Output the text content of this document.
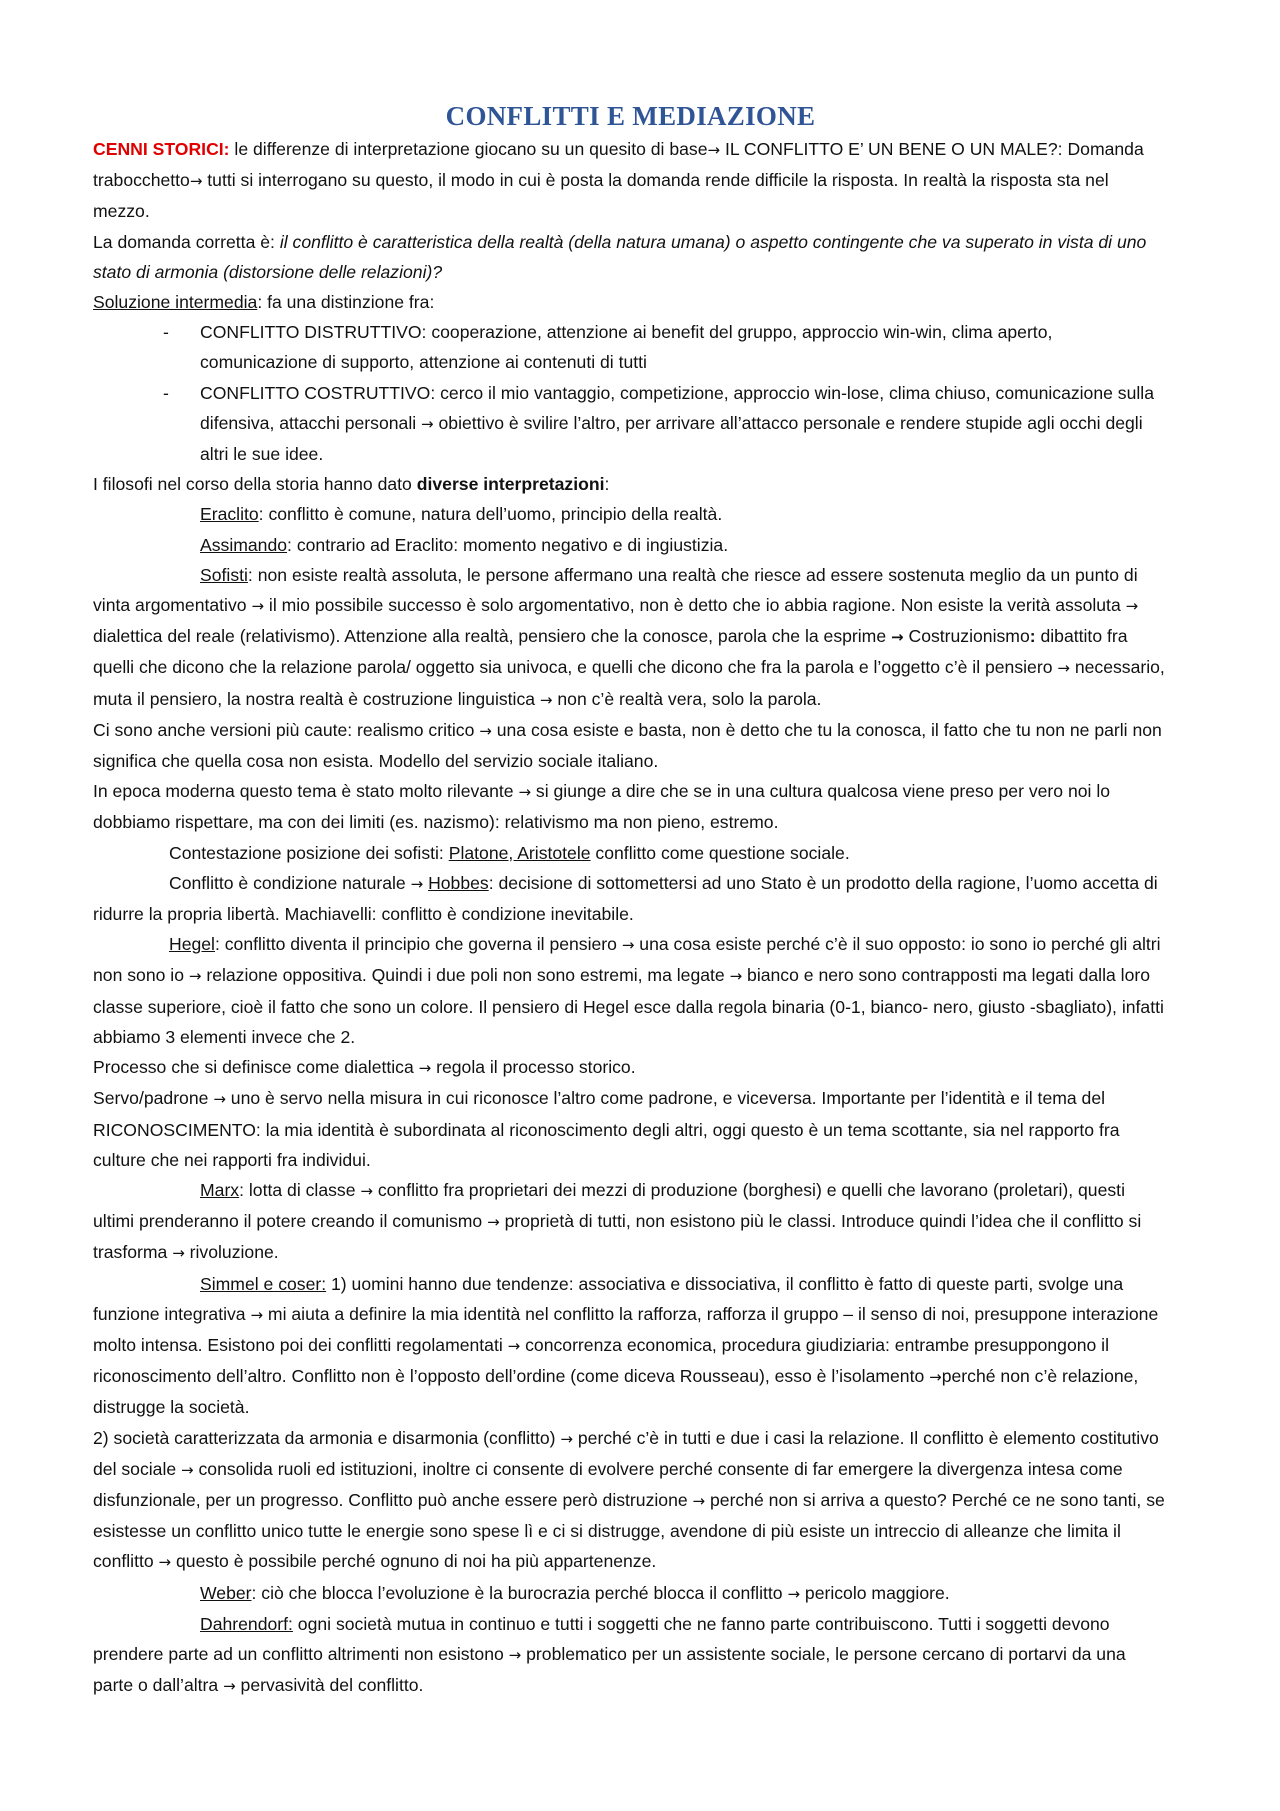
CONFLITTI E MEDIAZIONE

CENNI STORICI: le differenze di interpretazione giocano su un quesito di base→ IL CONFLITTO E’ UN BENE O UN MALE?: Domanda trabocchetto→ tutti si interrogano su questo, il modo in cui è posta la domanda rende difficile la risposta. In realtà la risposta sta nel mezzo.

La domanda corretta è: il conflitto è caratteristica della realtà (della natura umana) o aspetto contingente che va superato in vista di uno stato di armonia (distorsione delle relazioni)?

Soluzione intermedia: fa una distinzione fra:

- CONFLITTO DISTRUTTIVO: cooperazione, attenzione ai benefit del gruppo, approccio win-win, clima aperto, comunicazione di supporto, attenzione ai contenuti di tutti
- CONFLITTO COSTRUTTIVO: cerco il mio vantaggio, competizione, approccio win-lose, clima chiuso, comunicazione sulla difensiva, attacchi personali → obiettivo è svilire l’altro, per arrivare all’attacco personale e rendere stupide agli occhi degli altri le sue idee.

I filosofi nel corso della storia hanno dato diverse interpretazioni:

Eraclito: conflitto è comune, natura dell’uomo, principio della realtà.

Assimando: contrario ad Eraclito: momento negativo e di ingiustizia.

Sofisti: non esiste realtà assoluta, le persone affermano una realtà che riesce ad essere sostenuta meglio da un punto di vinta argomentativo → il mio possibile successo è solo argomentativo, non è detto che io abbia ragione. Non esiste la verità assoluta → dialettica del reale (relativismo). Attenzione alla realtà, pensiero che la conosce, parola che la esprime → Costruzionismo: dibattito fra quelli che dicono che la relazione parola/ oggetto sia univoca, e quelli che dicono che fra la parola e l’oggetto c’è il pensiero → necessario, muta il pensiero, la nostra realtà è costruzione linguistica → non c’è realtà vera, solo la parola.

Ci sono anche versioni più caute: realismo critico → una cosa esiste e basta, non è detto che tu la conosca, il fatto che tu non ne parli non significa che quella cosa non esista. Modello del servizio sociale italiano.

In epoca moderna questo tema è stato molto rilevante → si giunge a dire che se in una cultura qualcosa viene preso per vero noi lo dobbiamo rispettare, ma con dei limiti (es. nazismo): relativismo ma non pieno, estremo.

Contestazione posizione dei sofisti: Platone, Aristotele conflitto come questione sociale.

Conflitto è condizione naturale → Hobbes: decisione di sottomettersi ad uno Stato è un prodotto della ragione, l’uomo accetta di ridurre la propria libertà. Machiavelli: conflitto è condizione inevitabile.

Hegel: conflitto diventa il principio che governa il pensiero → una cosa esiste perché c’è il suo opposto: io sono io perché gli altri non sono io → relazione oppositiva. Quindi i due poli non sono estremi, ma legate → bianco e nero sono contrapposti ma legati dalla loro classe superiore, cioè il fatto che sono un colore. Il pensiero di Hegel esce dalla regola binaria (0-1, bianco- nero, giusto -sbagliato), infatti abbiamo 3 elementi invece che 2.

Processo che si definisce come dialettica → regola il processo storico.

Servo/padrone → uno è servo nella misura in cui riconosce l’altro come padrone, e viceversa. Importante per l’identità e il tema del RICONOSCIMENTO: la mia identità è subordinata al riconoscimento degli altri, oggi questo è un tema scottante, sia nel rapporto fra culture che nei rapporti fra individui.

Marx: lotta di classe → conflitto fra proprietari dei mezzi di produzione (borghesi) e quelli che lavorano (proletari), questi ultimi prenderanno il potere creando il comunismo → proprietà di tutti, non esistono più le classi. Introduce quindi l’idea che il conflitto si trasforma → rivoluzione.

Simmel e coser: 1) uomini hanno due tendenze: associativa e dissociativa, il conflitto è fatto di queste parti, svolge una funzione integrativa → mi aiuta a definire la mia identità nel conflitto la rafforza, rafforza il gruppo – il senso di noi, presuppone interazione molto intensa. Esistono poi dei conflitti regolamentati → concorrenza economica, procedura giudiziaria: entrambe presuppongono il riconoscimento dell’altro. Conflitto non è l’opposto dell’ordine (come diceva Rousseau), esso è l’isolamento →perché non c’è relazione, distrugge la società.

2) società caratterizzata da armonia e disarmonia (conflitto) → perché c’è in tutti e due i casi la relazione. Il conflitto è elemento costitutivo del sociale → consolida ruoli ed istituzioni, inoltre ci consente di evolvere perché consente di far emergere la divergenza intesa come disfunzionale, per un progresso. Conflitto può anche essere però distruzione → perché non si arriva a questo? Perché ce ne sono tanti, se esistesse un conflitto unico tutte le energie sono spese lì e ci si distrugge, avendone di più esiste un intreccio di alleanze che limita il conflitto → questo è possibile perché ognuno di noi ha più appartenenze.

Weber: ciò che blocca l’evoluzione è la burocrazia perché blocca il conflitto → pericolo maggiore.

Dahrendorf: ogni società mutua in continuo e tutti i soggetti che ne fanno parte contribuiscono. Tutti i soggetti devono prendere parte ad un conflitto altrimenti non esistono → problematico per un assistente sociale, le persone cercano di portarvi da una parte o dall’altra → pervasività del conflitto.
